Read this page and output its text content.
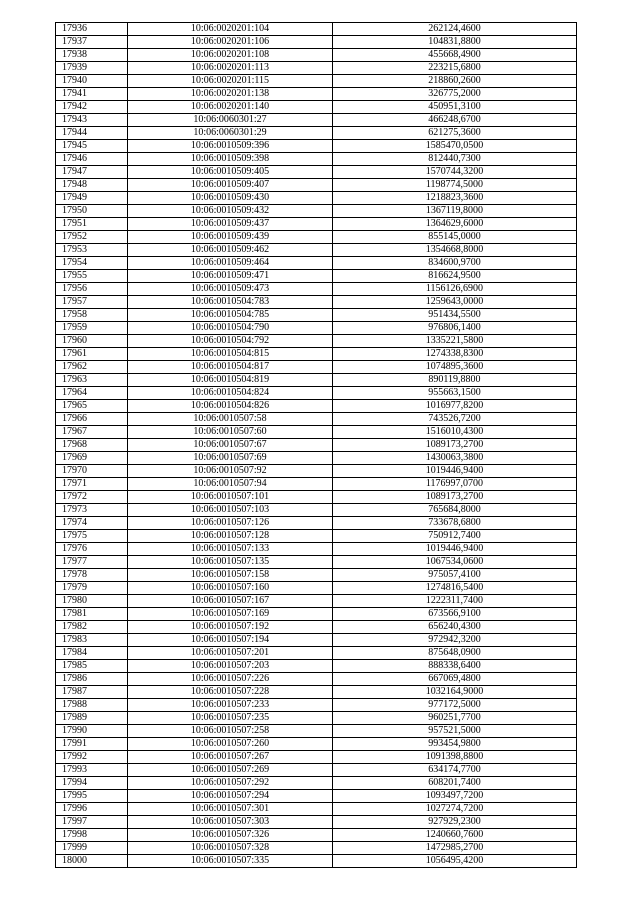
17936	10:06:0020201:104	262124,4600
17937	10:06:0020201:106	104831,8800
17938	10:06:0020201:108	455668,4900
17939	10:06:0020201:113	223215,6800
17940	10:06:0020201:115	218860,2600
17941	10:06:0020201:138	326775,2000
17942	10:06:0020201:140	450951,3100
17943	10:06:0060301:27	466248,6700
17944	10:06:0060301:29	621275,3600
17945	10:06:0010509:396	1585470,0500
17946	10:06:0010509:398	812440,7300
17947	10:06:0010509:405	1570744,3200
17948	10:06:0010509:407	1198774,5000
17949	10:06:0010509:430	1218823,3600
17950	10:06:0010509:432	1367119,8000
17951	10:06:0010509:437	1364629,6000
17952	10:06:0010509:439	855145,0000
17953	10:06:0010509:462	1354668,8000
17954	10:06:0010509:464	834600,9700
17955	10:06:0010509:471	816624,9500
17956	10:06:0010509:473	1156126,6900
17957	10:06:0010504:783	1259643,0000
17958	10:06:0010504:785	951434,5500
17959	10:06:0010504:790	976806,1400
17960	10:06:0010504:792	1335221,5800
17961	10:06:0010504:815	1274338,8300
17962	10:06:0010504:817	1074895,3600
17963	10:06:0010504:819	890119,8800
17964	10:06:0010504:824	955663,1500
17965	10:06:0010504:826	1016977,8200
17966	10:06:0010507:58	743526,7200
17967	10:06:0010507:60	1516010,4300
17968	10:06:0010507:67	1089173,2700
17969	10:06:0010507:69	1430063,3800
17970	10:06:0010507:92	1019446,9400
17971	10:06:0010507:94	1176997,0700
17972	10:06:0010507:101	1089173,2700
17973	10:06:0010507:103	765684,8000
17974	10:06:0010507:126	733678,6800
17975	10:06:0010507:128	750912,7400
17976	10:06:0010507:133	1019446,9400
17977	10:06:0010507:135	1067534,0600
17978	10:06:0010507:158	975057,4100
17979	10:06:0010507:160	1274816,5400
17980	10:06:0010507:167	1222311,7400
17981	10:06:0010507:169	673566,9100
17982	10:06:0010507:192	656240,4300
17983	10:06:0010507:194	972942,3200
17984	10:06:0010507:201	875648,0900
17985	10:06:0010507:203	888338,6400
17986	10:06:0010507:226	667069,4800
17987	10:06:0010507:228	1032164,9000
17988	10:06:0010507:233	977172,5000
17989	10:06:0010507:235	960251,7700
17990	10:06:0010507:258	957521,5000
17991	10:06:0010507:260	993454,9800
17992	10:06:0010507:267	1091398,8800
17993	10:06:0010507:269	634174,7700
17994	10:06:0010507:292	608201,7400
17995	10:06:0010507:294	1093497,7200
17996	10:06:0010507:301	1027274,7200
17997	10:06:0010507:303	927929,2300
17998	10:06:0010507:326	1240660,7600
17999	10:06:0010507:328	1472985,2700
18000	10:06:0010507:335	1056495,4200
